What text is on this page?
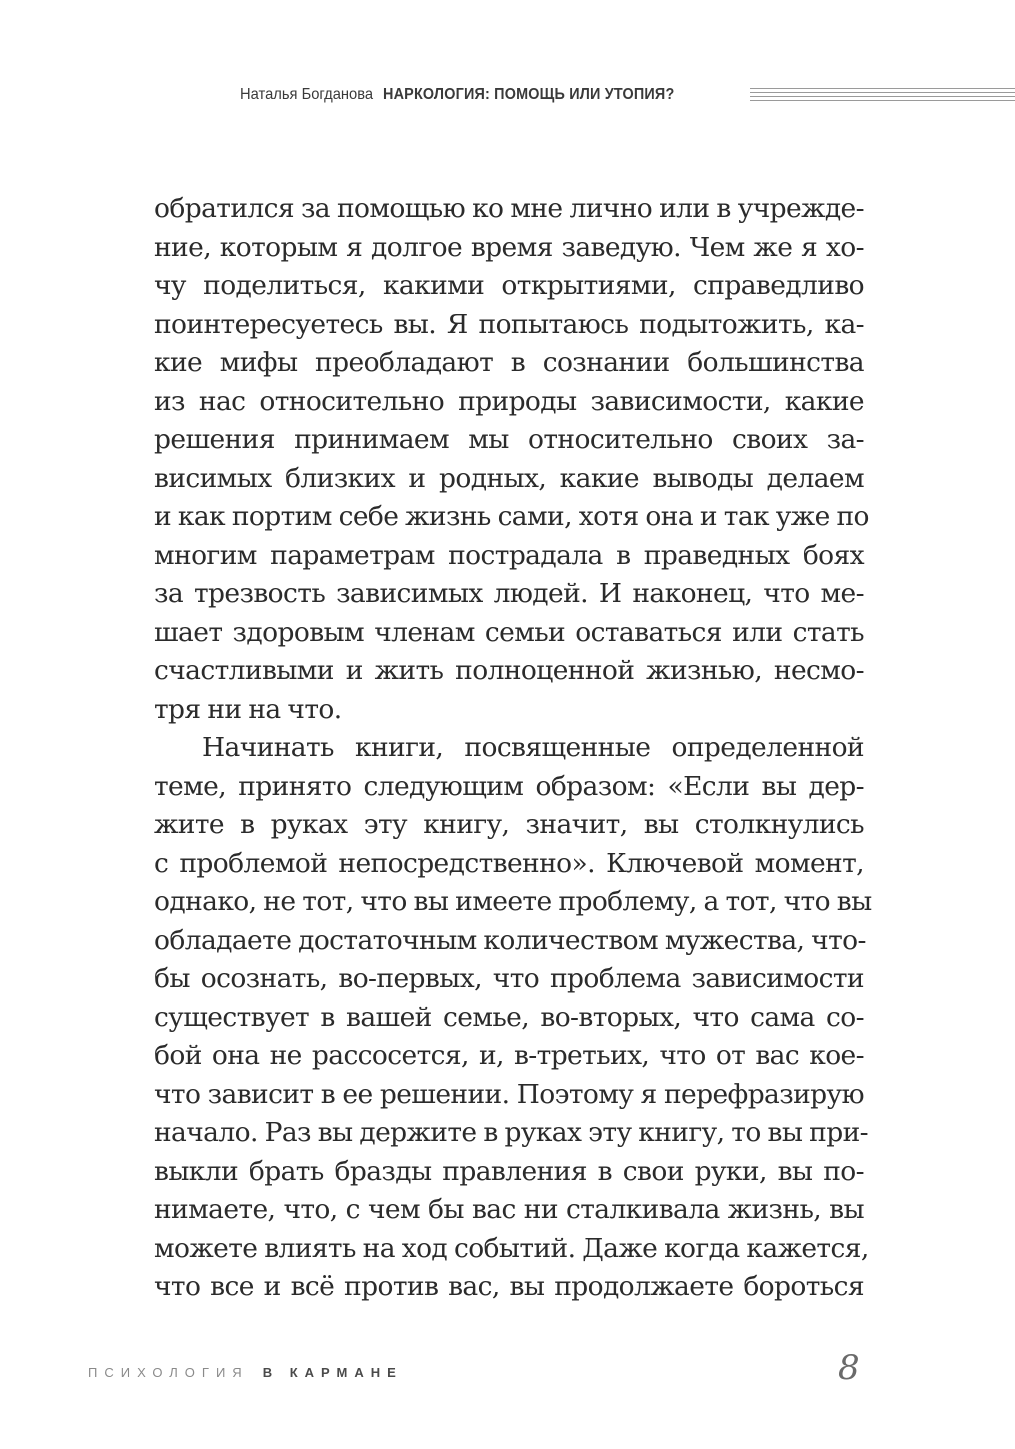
Наталья Богданова НАРКОЛОГИЯ: ПОМОЩЬ ИЛИ УТОПИЯ?
обратился за помощью ко мне лично или в учрежде-
ние, которым я долгое время заведую. Чем же я хо-
чу поделиться, какими открытиями, справедливо
поинтересуетесь вы. Я попытаюсь подытожить, ка-
кие мифы преобладают в сознании большинства
из нас относительно природы зависимости, какие
решения принимаем мы относительно своих за-
висимых близких и родных, какие выводы делаем
и как портим себе жизнь сами, хотя она и так уже по
многим параметрам пострадала в праведных боях
за трезвость зависимых людей. И наконец, что ме-
шает здоровым членам семьи оставаться или стать
счастливыми и жить полноценной жизнью, несмо-
тря ни на что.
Начинать книги, посвященные определенной
теме, принято следующим образом: «Если вы дер-
жите в руках эту книгу, значит, вы столкнулись
с проблемой непосредственно». Ключевой момент,
однако, не тот, что вы имеете проблему, а тот, что вы
обладаете достаточным количеством мужества, что-
бы осознать, во-первых, что проблема зависимости
существует в вашей семье, во-вторых, что сама со-
бой она не рассосется, и, в-третьих, что от вас кое-
что зависит в ее решении. Поэтому я перефразирую
начало. Раз вы держите в руках эту книгу, то вы при-
выкли брать бразды правления в свои руки, вы по-
нимаете, что, с чем бы вас ни сталкивала жизнь, вы
можете влиять на ход событий. Даже когда кажется,
что все и всё против вас, вы продолжаете бороться
ПСИХОЛОГИЯ В КАРМАНЕ	8
